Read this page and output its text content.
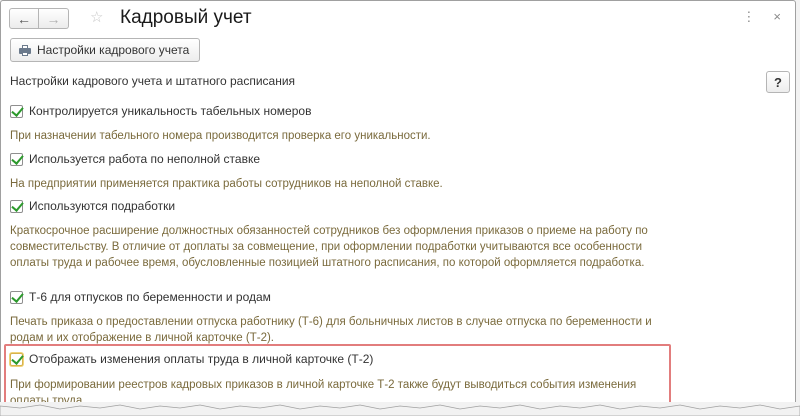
← → ☆ Кадровый учет	⋮ ×
Настройки кадрового учета
?
Настройки кадрового учета и штатного расписания
Контролируется уникальность табельных номеров
При назначении табельного номера производится проверка его уникальности.
Используется работа по неполной ставке
На предприятии применяется практика работы сотрудников на неполной ставке.
Используются подработки
Краткосрочное расширение должностных обязанностей сотрудников без оформления приказов о приеме на работу по совместительству. В отличие от доплаты за совмещение, при оформлении подработки учитываются все особенности оплаты труда и рабочее время, обусловленные позицией штатного расписания, по которой оформляется подработка.
Т-6 для отпусков по беременности и родам
Печать приказа о предоставлении отпуска работнику (Т-6) для больничных листов в случае отпуска по беременности и родам и их отображение в личной карточке (Т-2).
Отображать изменения оплаты труда в личной карточке (Т-2)
При формировании реестров кадровых приказов в личной карточке Т-2 также будут выводиться события изменения оплаты труда.
